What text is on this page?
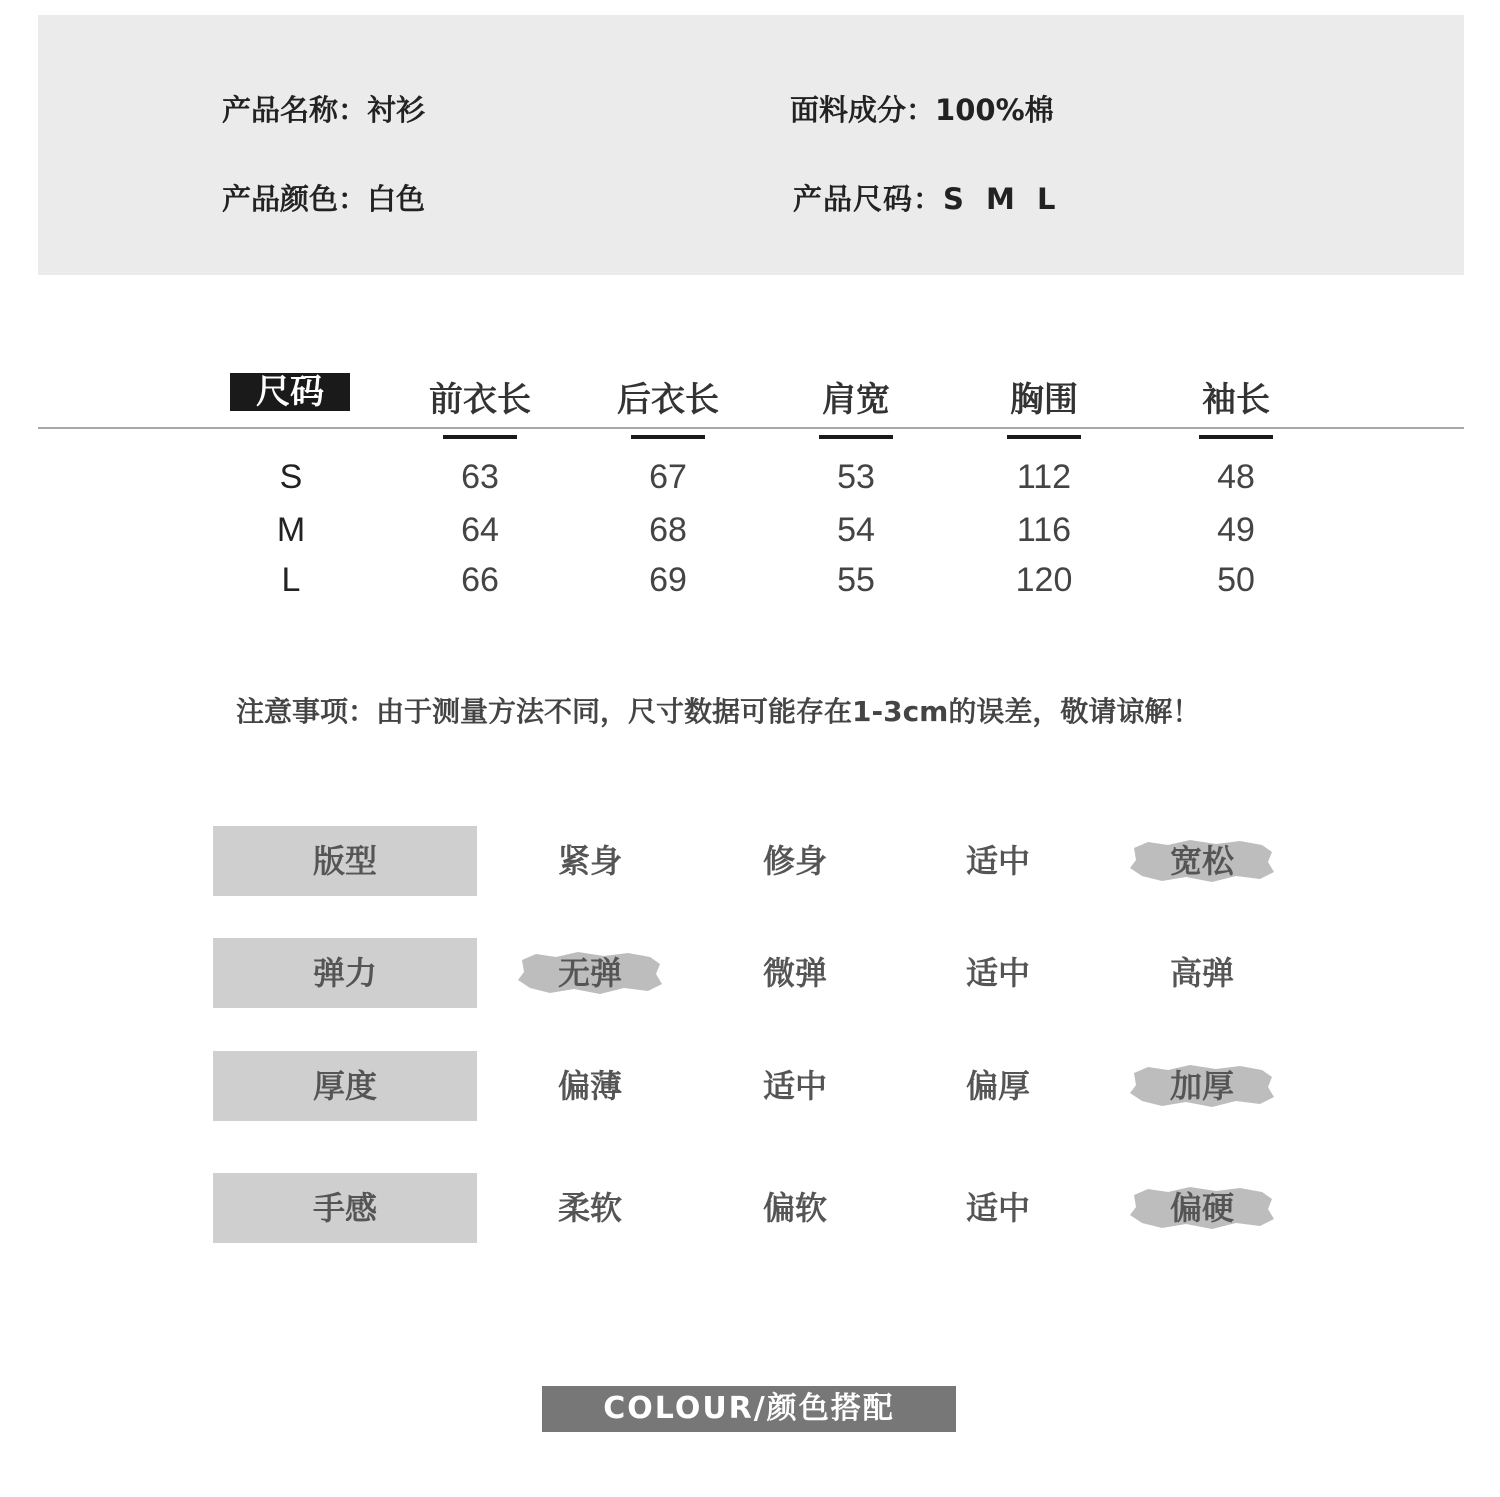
产品名称 ： 衬衫	面料成分 ： 100%棉
产品颜色 ： 白色	产品尺码 ： S M L
尺码	前衣长	后衣长	肩宽	胸围	袖长
S	63	67	53	112	48
M	64	68	54	116	49
L	66	69	55	120	50
注意事项：由于测量方法不同，尺寸数据可能存在1-3cm的误差，敬请谅解！
版型	紧身	修身	适中	宽松
弹力	无弹	微弹	适中	高弹
厚度	偏薄	适中	偏厚	加厚
手感	柔软	偏软	适中	偏硬
COLOUR/颜色搭配
